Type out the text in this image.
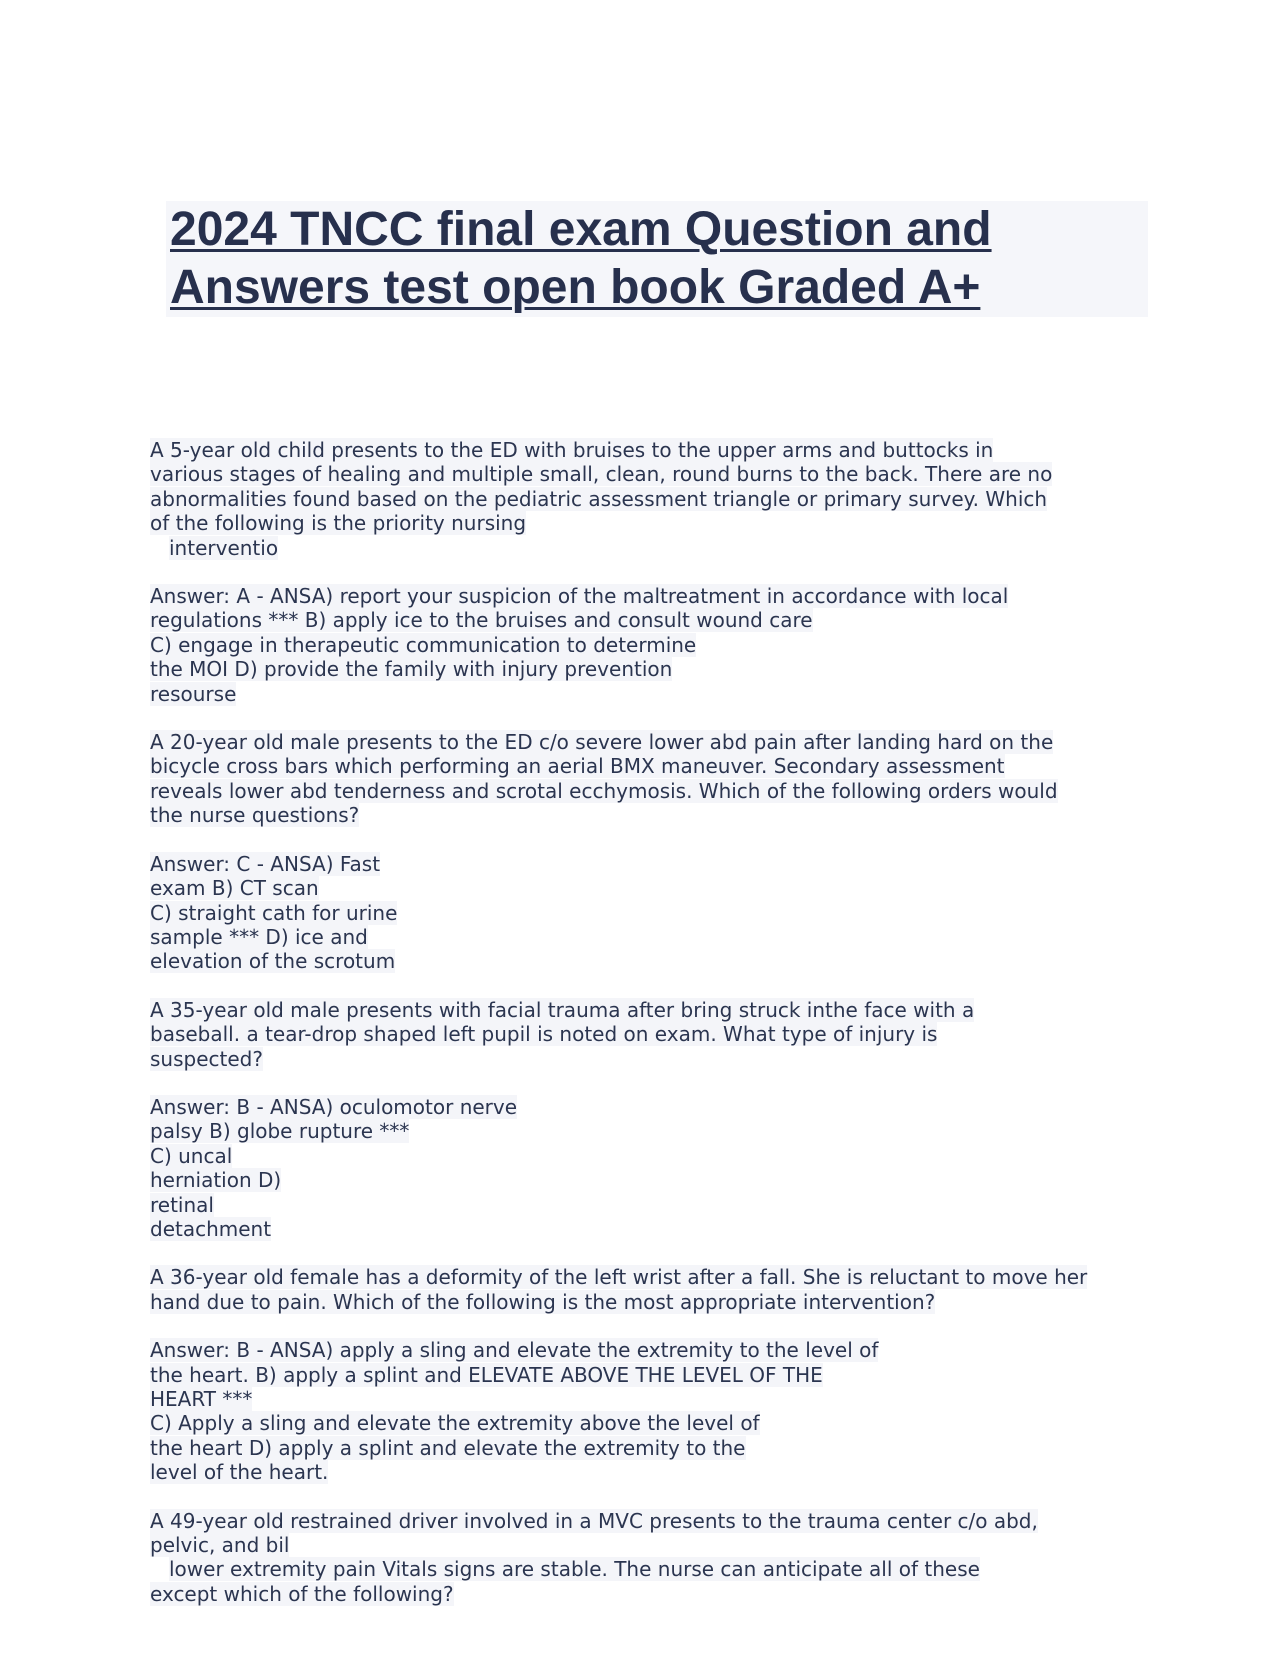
2024 TNCC final exam Question and
Answers test open book Graded A+
A 5-year old child presents to the ED with bruises to the upper arms and buttocks in
various stages of healing and multiple small, clean, round burns to the back. There are no
abnormalities found based on the pediatric assessment triangle or primary survey. Which
of the following is the priority nursing
interventio
Answer: A - ANSA) report your suspicion of the maltreatment in accordance with local
regulations *** B) apply ice to the bruises and consult wound care
C) engage in therapeutic communication to determine
the MOI D) provide the family with injury prevention
resourse
A 20-year old male presents to the ED c/o severe lower abd pain after landing hard on the
bicycle cross bars which performing an aerial BMX maneuver. Secondary assessment
reveals lower abd tenderness and scrotal ecchymosis. Which of the following orders would
the nurse questions?
Answer: C - ANSA) Fast
exam B) CT scan
C) straight cath for urine
sample *** D) ice and
elevation of the scrotum
A 35-year old male presents with facial trauma after bring struck inthe face with a
baseball. a tear-drop shaped left pupil is noted on exam. What type of injury is
suspected?
Answer: B - ANSA) oculomotor nerve
palsy B) globe rupture ***
C) uncal
herniation D)
retinal
detachment
A 36-year old female has a deformity of the left wrist after a fall. She is reluctant to move her
hand due to pain. Which of the following is the most appropriate intervention?
Answer: B - ANSA) apply a sling and elevate the extremity to the level of
the heart. B) apply a splint and ELEVATE ABOVE THE LEVEL OF THE
HEART ***
C) Apply a sling and elevate the extremity above the level of
the heart D) apply a splint and elevate the extremity to the
level of the heart.
A 49-year old restrained driver involved in a MVC presents to the trauma center c/o abd,
pelvic, and bil
lower extremity pain Vitals signs are stable. The nurse can anticipate all of these
except which of the following?
